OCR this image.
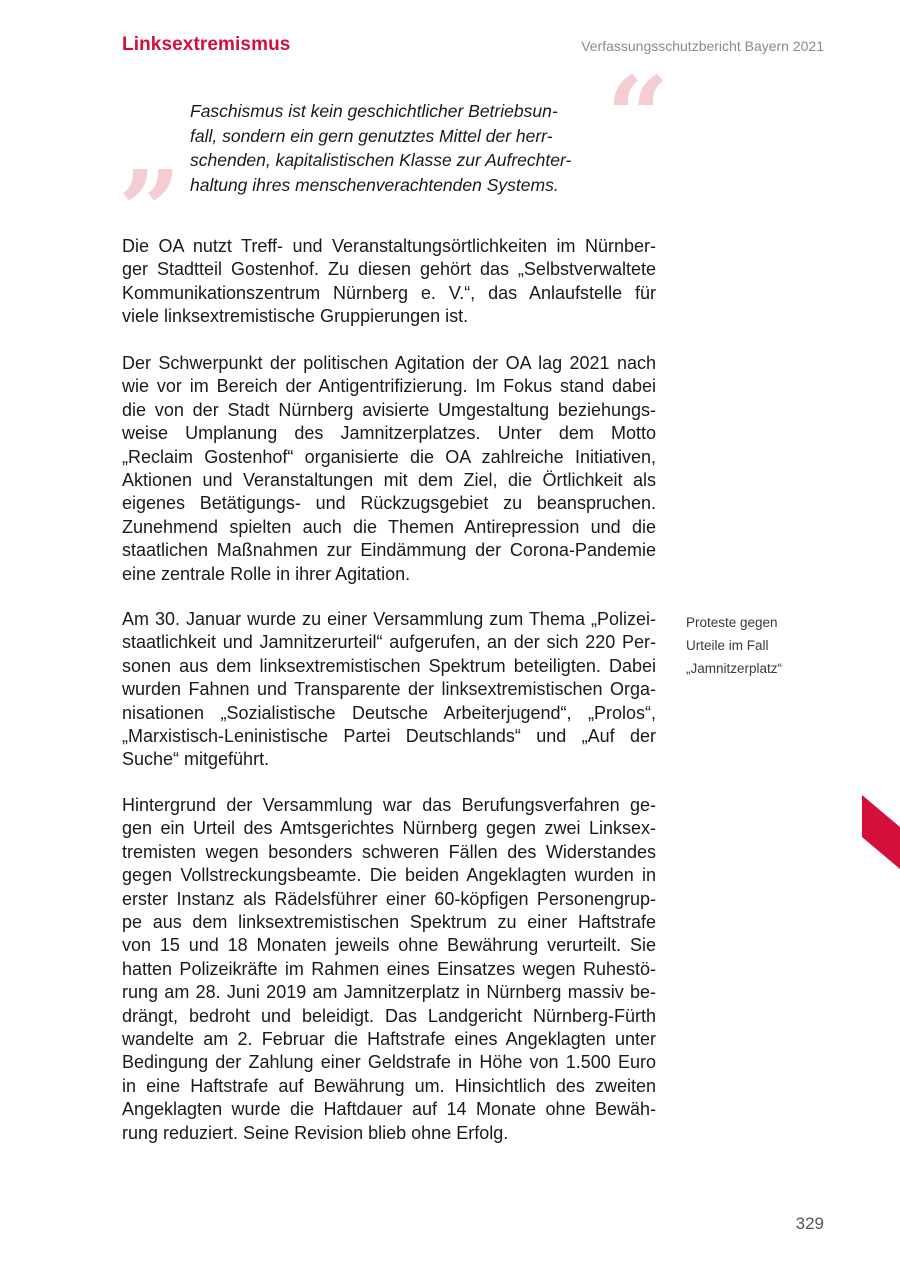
Linksextremismus	Verfassungsschutzbericht Bayern 2021
“
”
Faschismus ist kein geschichtlicher Betriebsun-
fall, sondern ein gern genutztes Mittel der herr-
schenden, kapitalistischen Klasse zur Aufrechter-
haltung ihres menschenverachtenden Systems.
Die OA nutzt Treff- und Veranstaltungsörtlichkeiten im Nürnber-
ger Stadtteil Gostenhof. Zu diesen gehört das „Selbstverwaltete
Kommunikationszentrum Nürnberg e. V.“, das Anlaufstelle für
viele linksextremistische Gruppierungen ist.
Der Schwerpunkt der politischen Agitation der OA lag 2021 nach
wie vor im Bereich der Antigentrifizierung. Im Fokus stand dabei
die von der Stadt Nürnberg avisierte Umgestaltung beziehungs-
weise Umplanung des Jamnitzerplatzes. Unter dem Motto
„Reclaim Gostenhof“ organisierte die OA zahlreiche Initiativen,
Aktionen und Veranstaltungen mit dem Ziel, die Örtlichkeit als
eigenes Betätigungs- und Rückzugsgebiet zu beanspruchen.
Zunehmend spielten auch die Themen Antirepression und die
staatlichen Maßnahmen zur Eindämmung der Corona-Pandemie
eine zentrale Rolle in ihrer Agitation.
Am 30. Januar wurde zu einer Versammlung zum Thema „Polizei-
staatlichkeit und Jamnitzerurteil“ aufgerufen, an der sich 220 Per-
sonen aus dem linksextremistischen Spektrum beteiligten. Dabei
wurden Fahnen und Transparente der linksextremistischen Orga-
nisationen „Sozialistische Deutsche Arbeiterjugend“, „Prolos“,
„Marxistisch-Leninistische Partei Deutschlands“ und „Auf der
Suche“ mitgeführt.
Proteste gegen
Urteile im Fall
„Jamnitzerplatz“
Hintergrund der Versammlung war das Berufungsverfahren ge-
gen ein Urteil des Amtsgerichtes Nürnberg gegen zwei Linksex-
tremisten wegen besonders schweren Fällen des Widerstandes
gegen Vollstreckungsbeamte. Die beiden Angeklagten wurden in
erster Instanz als Rädelsführer einer 60-köpfigen Personengrup-
pe aus dem linksextremistischen Spektrum zu einer Haftstrafe
von 15 und 18 Monaten jeweils ohne Bewährung verurteilt. Sie
hatten Polizeikräfte im Rahmen eines Einsatzes wegen Ruhestö-
rung am 28. Juni 2019 am Jamnitzerplatz in Nürnberg massiv be-
drängt, bedroht und beleidigt. Das Landgericht Nürnberg-Fürth
wandelte am 2. Februar die Haftstrafe eines Angeklagten unter
Bedingung der Zahlung einer Geldstrafe in Höhe von 1.500 Euro
in eine Haftstrafe auf Bewährung um. Hinsichtlich des zweiten
Angeklagten wurde die Haftdauer auf 14 Monate ohne Bewäh-
rung reduziert. Seine Revision blieb ohne Erfolg.
329
